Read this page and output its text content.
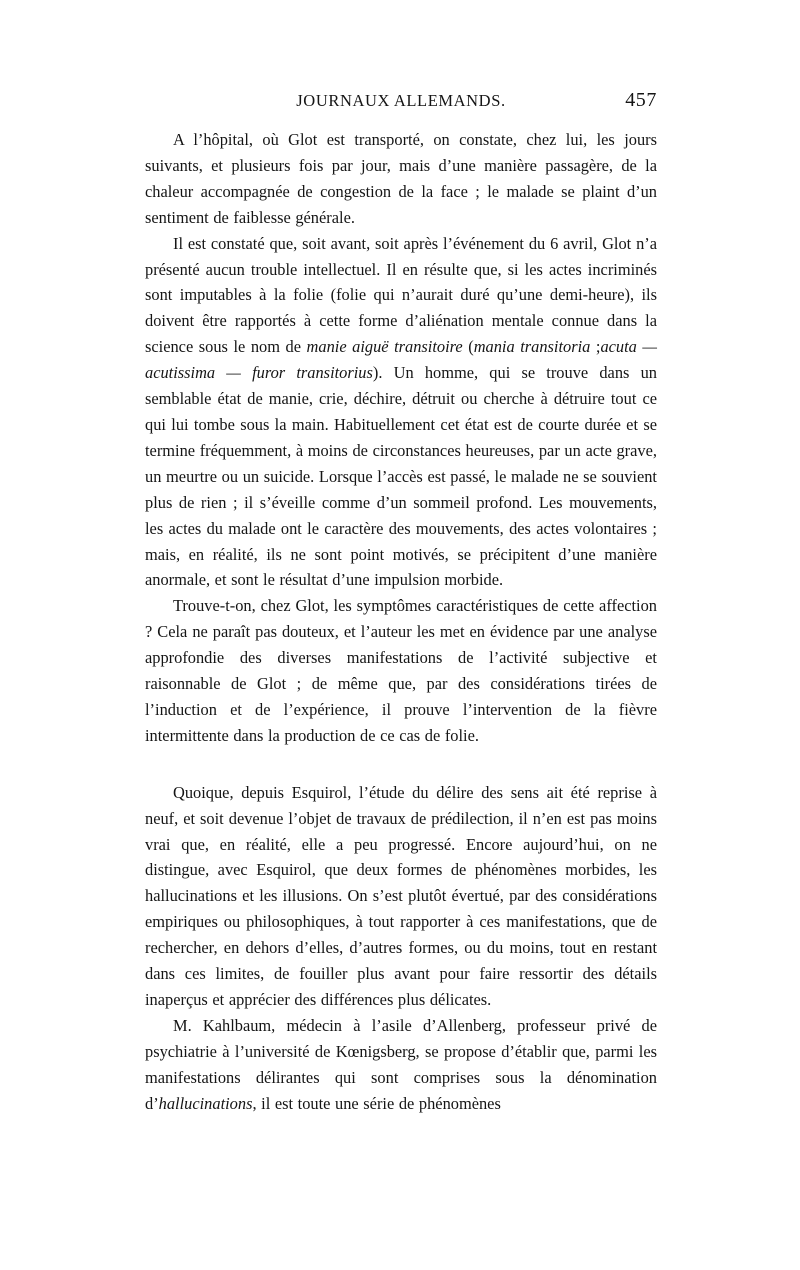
JOURNAUX ALLEMANDS.	457

A l’hôpital, où Glot est transporté, on constate, chez lui, les jours suivants, et plusieurs fois par jour, mais d’une manière passagère, de la chaleur accompagnée de congestion de la face ; le malade se plaint d’un sentiment de faiblesse générale.

Il est constaté que, soit avant, soit après l’événement du 6 avril, Glot n’a présenté aucun trouble intellectuel. Il en résulte que, si les actes incriminés sont imputables à la folie (folie qui n’aurait duré qu’une demi-heure), ils doivent être rapportés à cette forme d’aliénation mentale connue dans la science sous le nom de manie aiguë transitoire (mania transitoria ;acuta — acutissima — furor transitorius). Un homme, qui se trouve dans un semblable état de manie, crie, déchire, détruit ou cherche à détruire tout ce qui lui tombe sous la main. Habituellement cet état est de courte durée et se termine fréquemment, à moins de circonstances heureuses, par un acte grave, un meurtre ou un suicide. Lorsque l’accès est passé, le malade ne se souvient plus de rien ; il s’éveille comme d’un sommeil profond. Les mouvements, les actes du malade ont le caractère des mouvements, des actes volontaires ; mais, en réalité, ils ne sont point motivés, se précipitent d’une manière anormale, et sont le résultat d’une impulsion morbide.

Trouve-t-on, chez Glot, les symptômes caractéristiques de cette affection ? Cela ne paraît pas douteux, et l’auteur les met en évidence par une analyse approfondie des diverses manifestations de l’activité subjective et raisonnable de Glot ; de même que, par des considérations tirées de l’induction et de l’expérience, il prouve l’intervention de la fièvre intermittente dans la production de ce cas de folie.

Quoique, depuis Esquirol, l’étude du délire des sens ait été reprise à neuf, et soit devenue l’objet de travaux de prédilection, il n’en est pas moins vrai que, en réalité, elle a peu progressé. Encore aujourd’hui, on ne distingue, avec Esquirol, que deux formes de phénomènes morbides, les hallucinations et les illusions. On s’est plutôt évertué, par des considérations empiriques ou philosophiques, à tout rapporter à ces manifestations, que de rechercher, en dehors d’elles, d’autres formes, ou du moins, tout en restant dans ces limites, de fouiller plus avant pour faire ressortir des détails inaperçus et apprécier des différences plus délicates.

M. Kahlbaum, médecin à l’asile d’Allenberg, professeur privé de psychiatrie à l’université de Kœnigsberg, se propose d’établir que, parmi les manifestations délirantes qui sont comprises sous la dénomination d’hallucinations, il est toute une série de phénomènes
